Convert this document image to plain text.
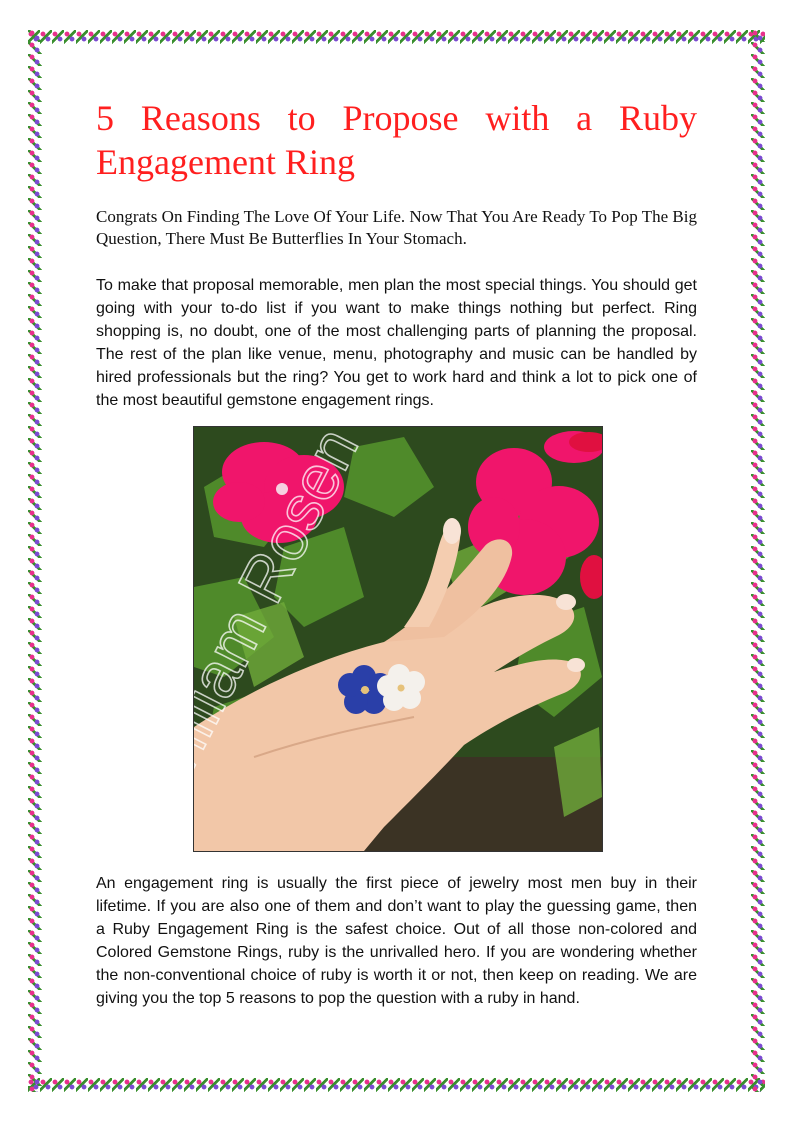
5 Reasons to Propose with a Ruby Engagement Ring

Congrats On Finding The Love Of Your Life. Now That You Are Ready To Pop The Big Question, There Must Be Butterflies In Your Stomach.

To make that proposal memorable, men plan the most special things. You should get going with your to-do list if you want to make things nothing but perfect. Ring shopping is, no doubt, one of the most challenging parts of planning the proposal. The rest of the plan like venue, menu, photography and music can be handled by hired professionals but the ring? You get to work hard and think a lot to pick one of the most beautiful gemstone engagement rings.

An engagement ring is usually the first piece of jewelry most men buy in their lifetime. If you are also one of them and don’t want to play the guessing game, then a Ruby Engagement Ring is the safest choice. Out of all those non-colored and Colored Gemstone Rings, ruby is the unrivalled hero. If you are wondering whether the non-conventional choice of ruby is worth it or not, then keep on reading. We are giving you the top 5 reasons to pop the question with a ruby in hand.
